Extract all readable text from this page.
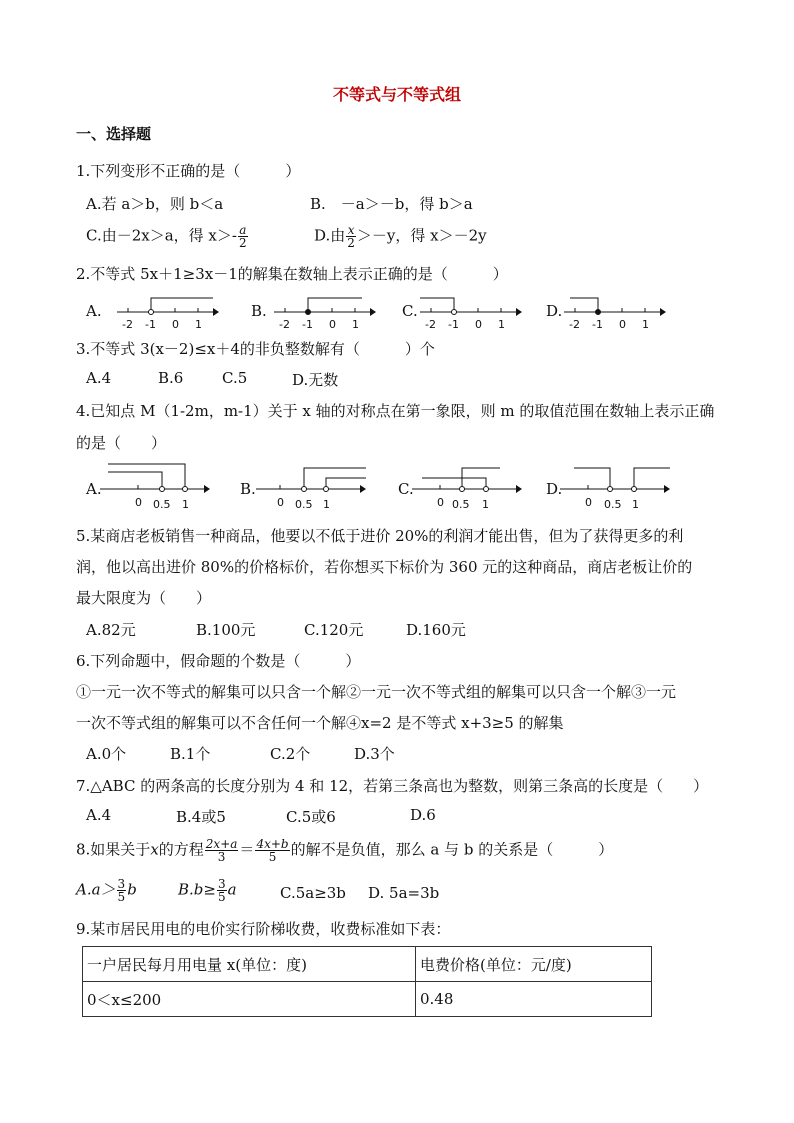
不等式与不等式组
一、选择题
1.下列变形不正确的是（　　　）
A.若 a＞b，则 b＜a	B.　－a＞－b，得 b＞a
C.由－2x＞a，得 $x>- \frac{a}{2}$	D.由 $\frac{x}{2} >-y$，得 x＞－2y
2.不等式 5x＋1≥3x－1的解集在数轴上表示正确的是（　　　）
A.	B.	C.	D.
-2 -1 0 1	-2 -1 0 1	-2 -1 0 1	-2 -1 0 1
3.不等式 3(x－2)≤x＋4的非负整数解有（　　　）个
A.4	B.6	C.5	D.无数
4.已知点 M（1-2m，m-1）关于 x 轴的对称点在第一象限，则 m 的取值范围在数轴上表示正确
的是（　　）
A.	B.	C.	D.
0 0.5 1	0 0.5 1	0 0.5 1	0 0.5 1
5.某商店老板销售一种商品，他要以不低于进价 20%的利润才能出售，但为了获得更多的利
润，他以高出进价 80%的价格标价，若你想买下标价为 360 元的这种商品，商店老板让价的
最大限度为（　　）
A.82元	B.100元	C.120元	D.160元
6.下列命题中，假命题的个数是（　　　）
①一元一次不等式的解集可以只含一个解②一元一次不等式组的解集可以只含一个解③一元
一次不等式组的解集可以不含任何一个解④x=2 是不等式 x+3≥5 的解集
A.0个	B.1个	C.2个	D.3个
7.△ABC 的两条高的长度分别为 4 和 12，若第三条高也为整数，则第三条高的长度是（　　）
A.4	B.4或5	C.5或6	D.6
8.如果关于x的方程 $\frac{2x+a}{3} = \frac{4x+b}{5}$ 的解不是负值，那么 a 与 b 的关系是（　　　）
$A.a> \frac{3}{5}$ b	$B.b\ge \frac{3}{5}$ a	C.5a≥3b D. 5a=3b
9.某市居民用电的电价实行阶梯收费，收费标准如下表：
一户居民每月用电量 x(单位：度)	电费价格(单位：元/度)
0＜x≤200	0.48
